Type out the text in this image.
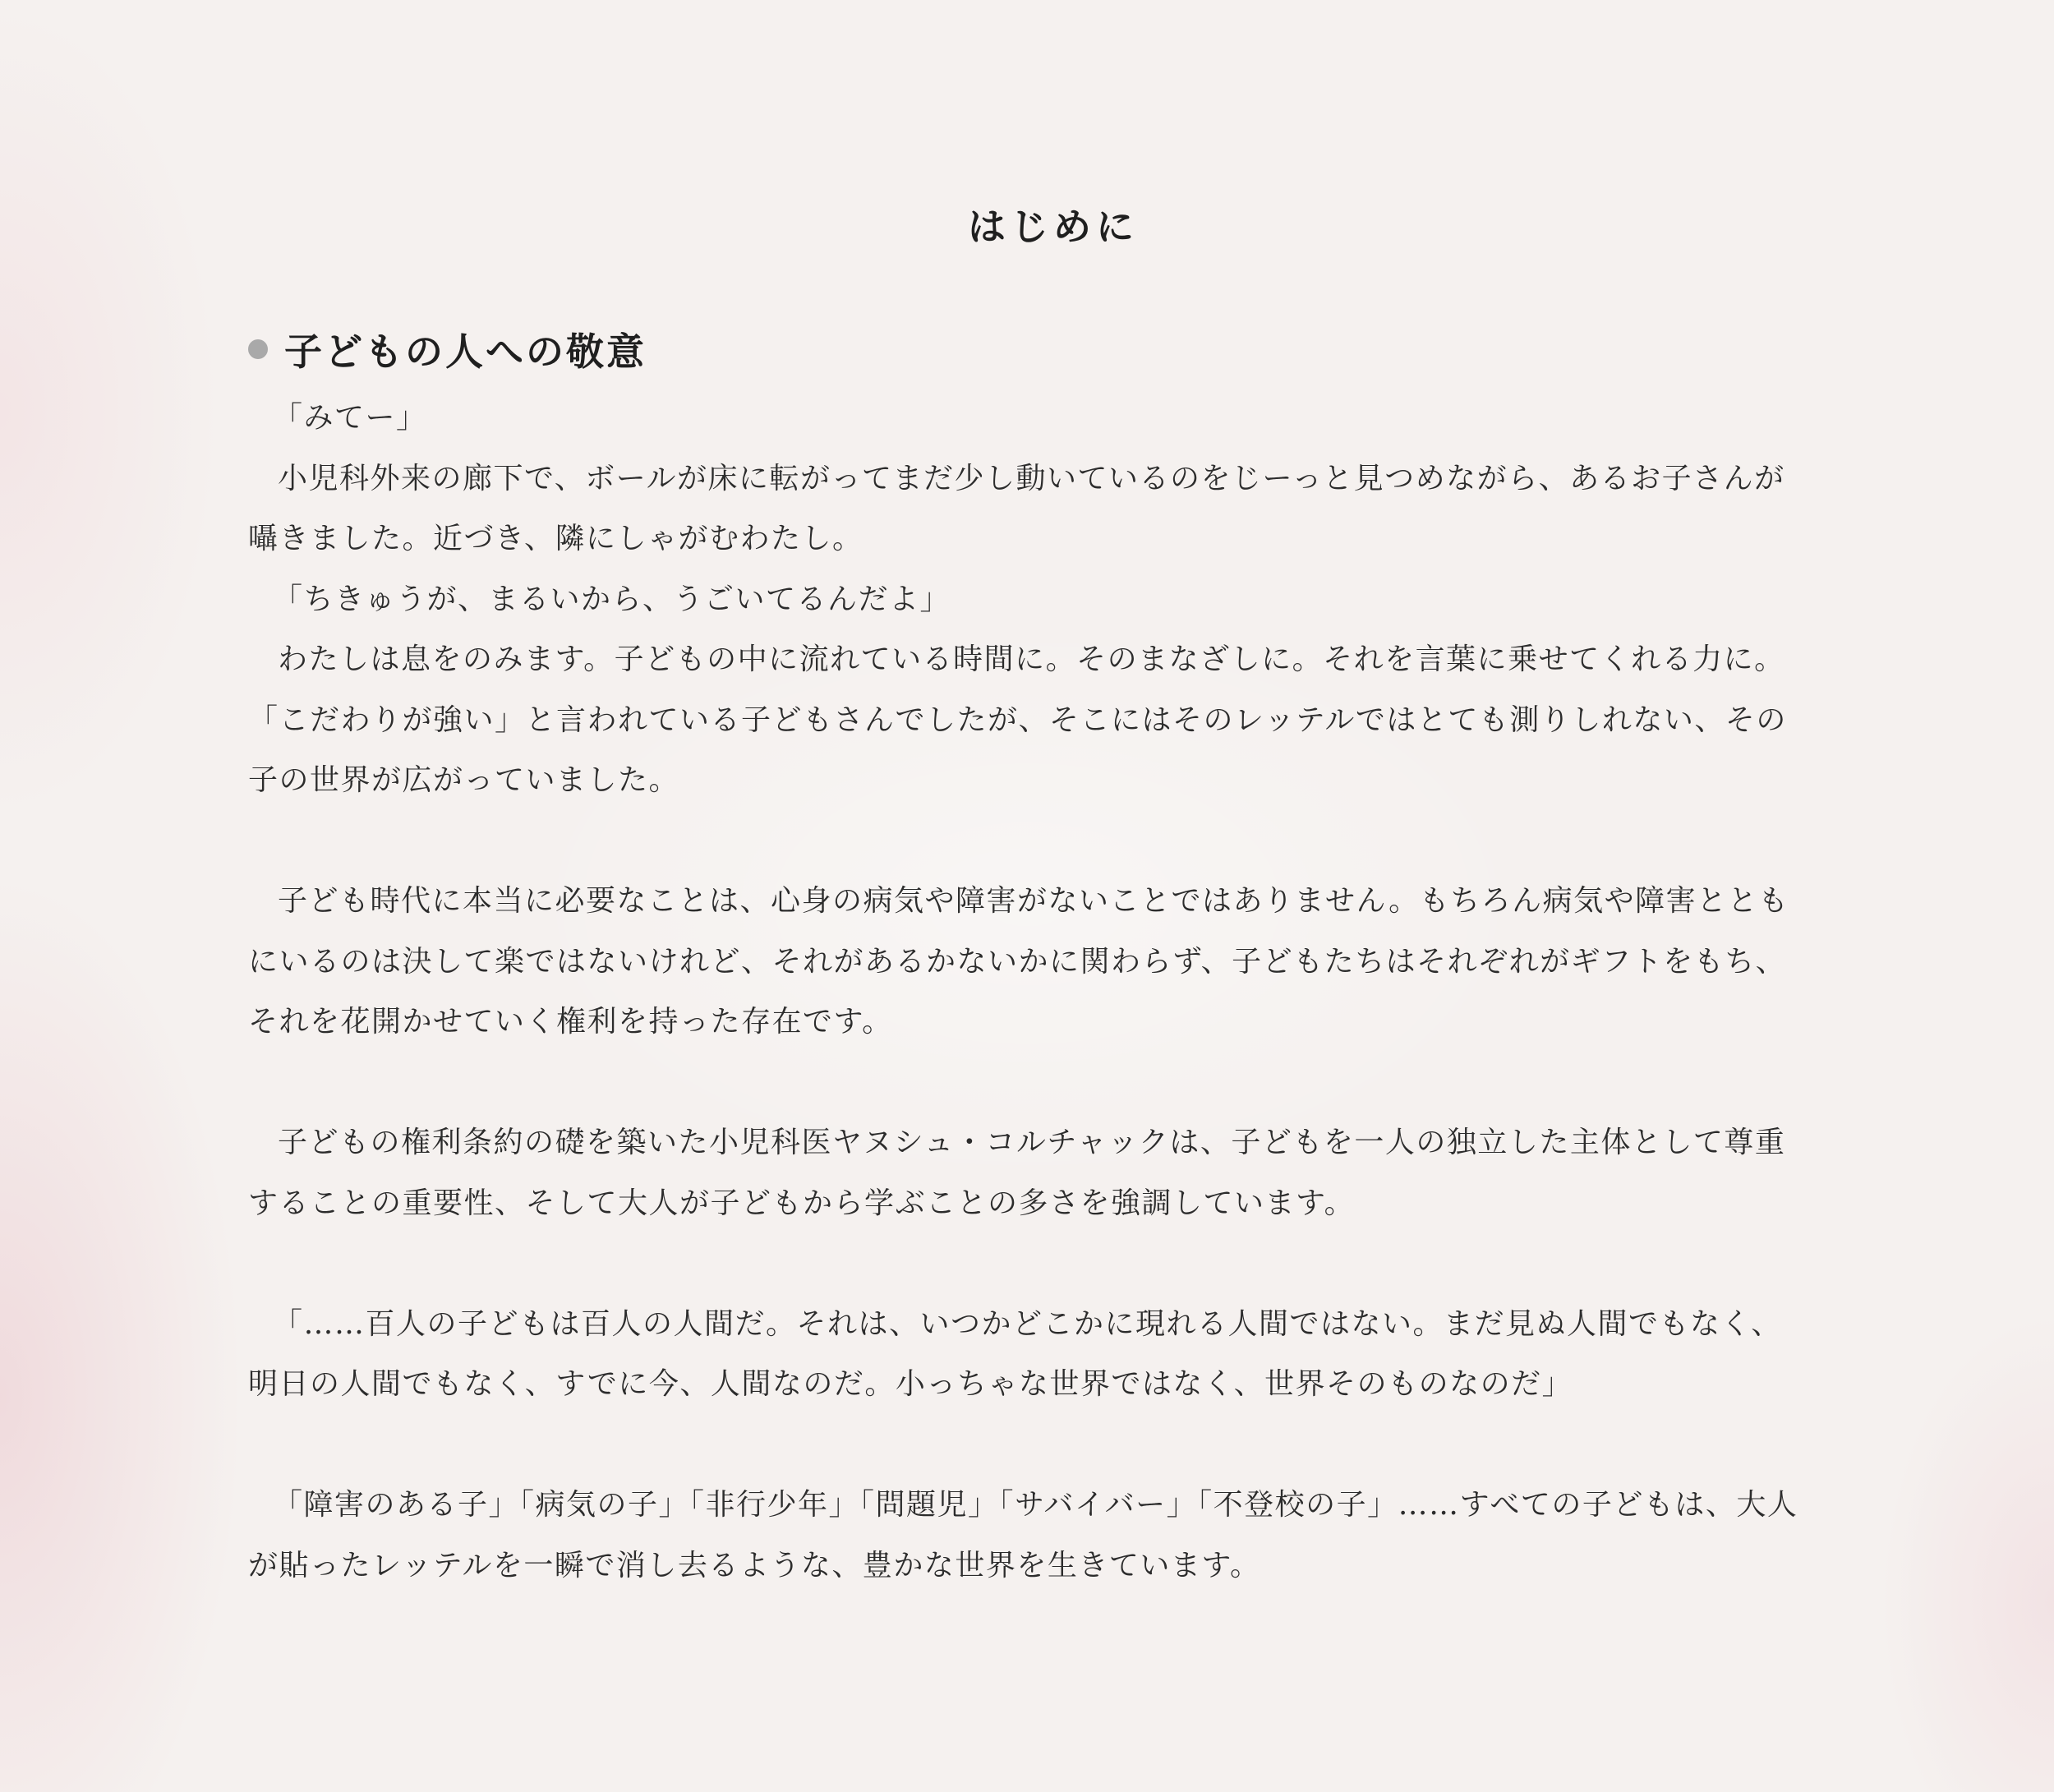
はじめに
子どもの人への敬意

「みてー」

小児科外来の廊下で、ボールが床に転がってまだ少し動いているのをじーっと見つめながら、あるお子さんが囁きました。近づき、隣にしゃがむわたし。

「ちきゅうが、まるいから、うごいてるんだよ」

わたしは息をのみます。子どもの中に流れている時間に。そのまなざしに。それを言葉に乗せてくれる力に。「こだわりが強い」と言われている子どもさんでしたが、そこにはそのレッテルではとても測りしれない、その子の世界が広がっていました。

子ども時代に本当に必要なことは、心身の病気や障害がないことではありません。もちろん病気や障害とともにいるのは決して楽ではないけれど、それがあるかないかに関わらず、子どもたちはそれぞれがギフトをもち、それを花開かせていく権利を持った存在です。

子どもの権利条約の礎を築いた小児科医ヤヌシュ・コルチャックは、子どもを一人の独立した主体として尊重することの重要性、そして大人が子どもから学ぶことの多さを強調しています。

「……百人の子どもは百人の人間だ。それは、いつかどこかに現れる人間ではない。まだ見ぬ人間でもなく、明日の人間でもなく、すでに今、人間なのだ。小っちゃな世界ではなく、世界そのものなのだ」

「障害のある子」「病気の子」「非行少年」「問題児」「サバイバー」「不登校の子」……すべての子どもは、大人が貼ったレッテルを一瞬で消し去るような、豊かな世界を生きています。
